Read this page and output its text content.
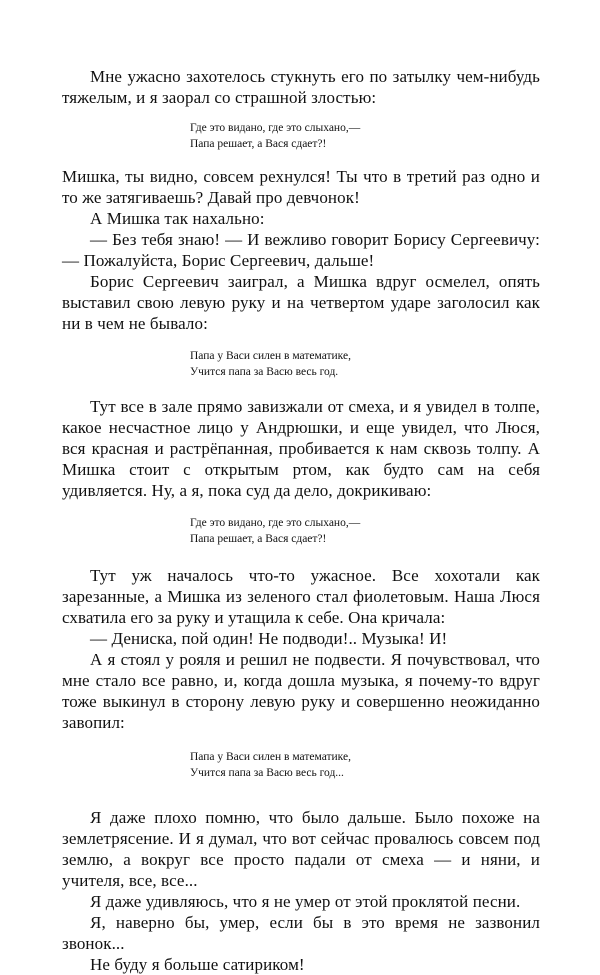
Мне ужасно захотелось стукнуть его по затылку чем-нибудь тяжелым, и я заорал со страшной злостью:

Где это видано, где это слыхано,—
Папа решает, а Вася сдает?!

Мишка, ты видно, совсем рехнулся! Ты что в третий раз одно и то же затягиваешь? Давай про девчонок!

А Мишка так нахально:

— Без тебя знаю! — И вежливо говорит Борису Сергеевичу: — Пожалуйста, Борис Сергеевич, дальше!

Борис Сергеевич заиграл, а Мишка вдруг осмелел, опять выставил свою левую руку и на четвертом ударе заголосил как ни в чем не бывало:

Папа у Васи силен в математике,
Учится папа за Васю весь год.

Тут все в зале прямо завизжали от смеха, и я увидел в толпе, какое несчастное лицо у Андрюшки, и еще увидел, что Люся, вся красная и растрёпанная, пробивается к нам сквозь толпу. А Мишка стоит с открытым ртом, как будто сам на себя удивляется. Ну, а я, пока суд да дело, докрикиваю:

Где это видано, где это слыхано,—
Папа решает, а Вася сдает?!

Тут уж началось что-то ужасное. Все хохотали как зарезанные, а Мишка из зеленого стал фиолетовым. Наша Люся схватила его за руку и утащила к себе. Она кричала:

— Дениска, пой один! Не подводи!.. Музыка! И!

А я стоял у рояля и решил не подвести. Я почувствовал, что мне стало все равно, и, когда дошла музыка, я почему-то вдруг тоже выкинул в сторону левую руку и совершенно неожиданно завопил:

Папа у Васи силен в математике,
Учится папа за Васю весь год...

Я даже плохо помню, что было дальше. Было похоже на землетрясение. И я думал, что вот сейчас провалюсь совсем под землю, а вокруг все просто падали от смеха — и няни, и учителя, все, все...

Я даже удивляюсь, что я не умер от этой проклятой песни.

Я, наверно бы, умер, если бы в это время не зазвонил звонок...

Не буду я больше сатириком!
